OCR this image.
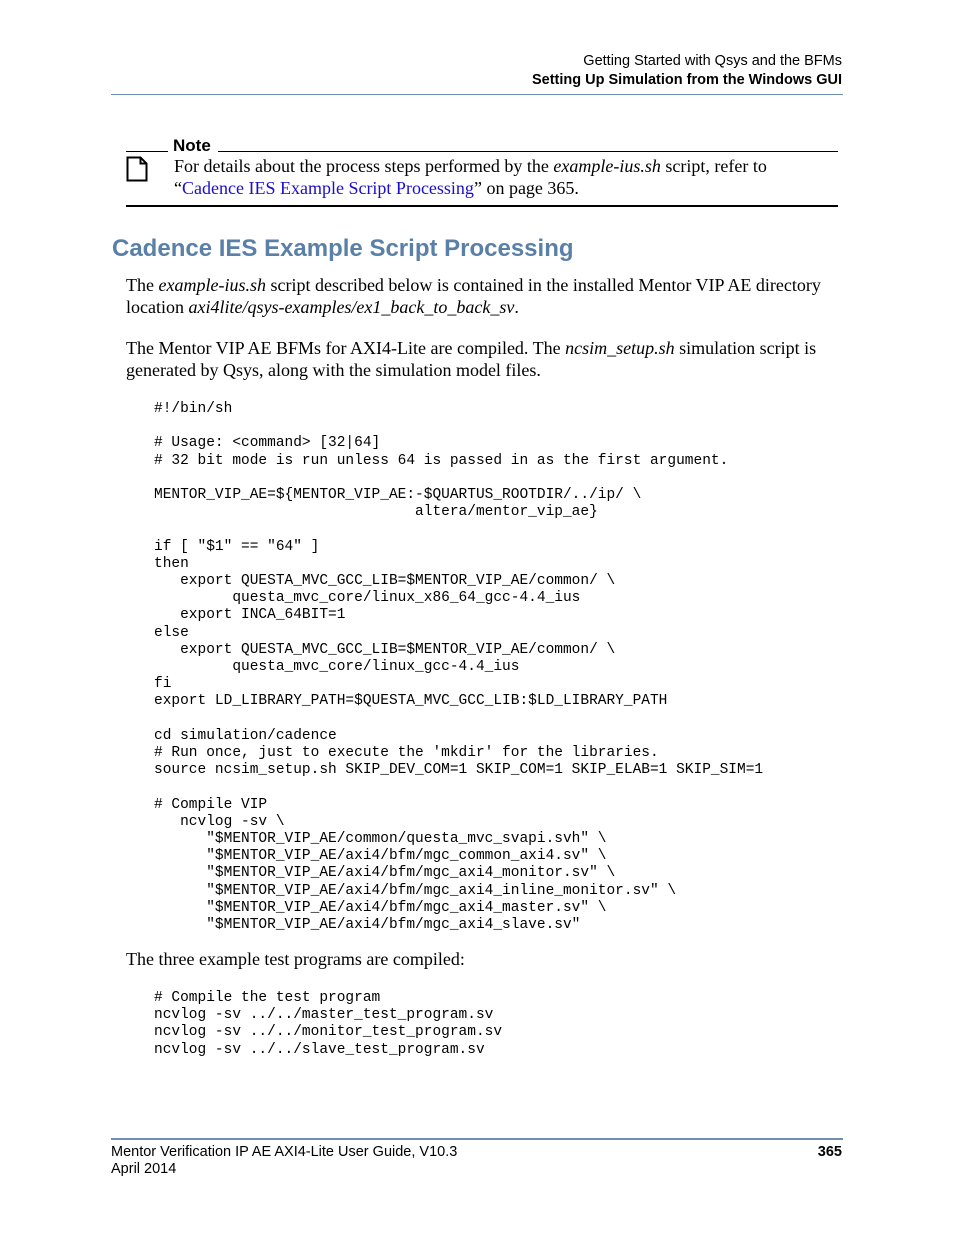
Getting Started with Qsys and the BFMs
Setting Up Simulation from the Windows GUI
Note
For details about the process steps performed by the example-ius.sh script, refer to
“Cadence IES Example Script Processing” on page 365.
Cadence IES Example Script Processing
The example-ius.sh script described below is contained in the installed Mentor VIP AE directory location axi4lite/qsys-examples/ex1_back_to_back_sv.
The Mentor VIP AE BFMs for AXI4-Lite are compiled. The ncsim_setup.sh simulation script is generated by Qsys, along with the simulation model files.
#!/bin/sh

# Usage: <command> [32|64]
# 32 bit mode is run unless 64 is passed in as the first argument.

MENTOR_VIP_AE=${MENTOR_VIP_AE:-$QUARTUS_ROOTDIR/../ip/ \
altera/mentor_vip_ae}

if [ "$1" == "64" ]
then
export QUESTA_MVC_GCC_LIB=$MENTOR_VIP_AE/common/ \
questa_mvc_core/linux_x86_64_gcc-4.4_ius
export INCA_64BIT=1
else
export QUESTA_MVC_GCC_LIB=$MENTOR_VIP_AE/common/ \
questa_mvc_core/linux_gcc-4.4_ius
fi
export LD_LIBRARY_PATH=$QUESTA_MVC_GCC_LIB:$LD_LIBRARY_PATH

cd simulation/cadence
# Run once, just to execute the 'mkdir' for the libraries.
source ncsim_setup.sh SKIP_DEV_COM=1 SKIP_COM=1 SKIP_ELAB=1 SKIP_SIM=1

# Compile VIP
ncvlog -sv \
"$MENTOR_VIP_AE/common/questa_mvc_svapi.svh" \
"$MENTOR_VIP_AE/axi4/bfm/mgc_common_axi4.sv" \
"$MENTOR_VIP_AE/axi4/bfm/mgc_axi4_monitor.sv" \
"$MENTOR_VIP_AE/axi4/bfm/mgc_axi4_inline_monitor.sv" \
"$MENTOR_VIP_AE/axi4/bfm/mgc_axi4_master.sv" \
"$MENTOR_VIP_AE/axi4/bfm/mgc_axi4_slave.sv"
The three example test programs are compiled:
# Compile the test program
ncvlog -sv ../../master_test_program.sv
ncvlog -sv ../../monitor_test_program.sv
ncvlog -sv ../../slave_test_program.sv
Mentor Verification IP AE AXI4-Lite User Guide, V10.3
April 2014
365
